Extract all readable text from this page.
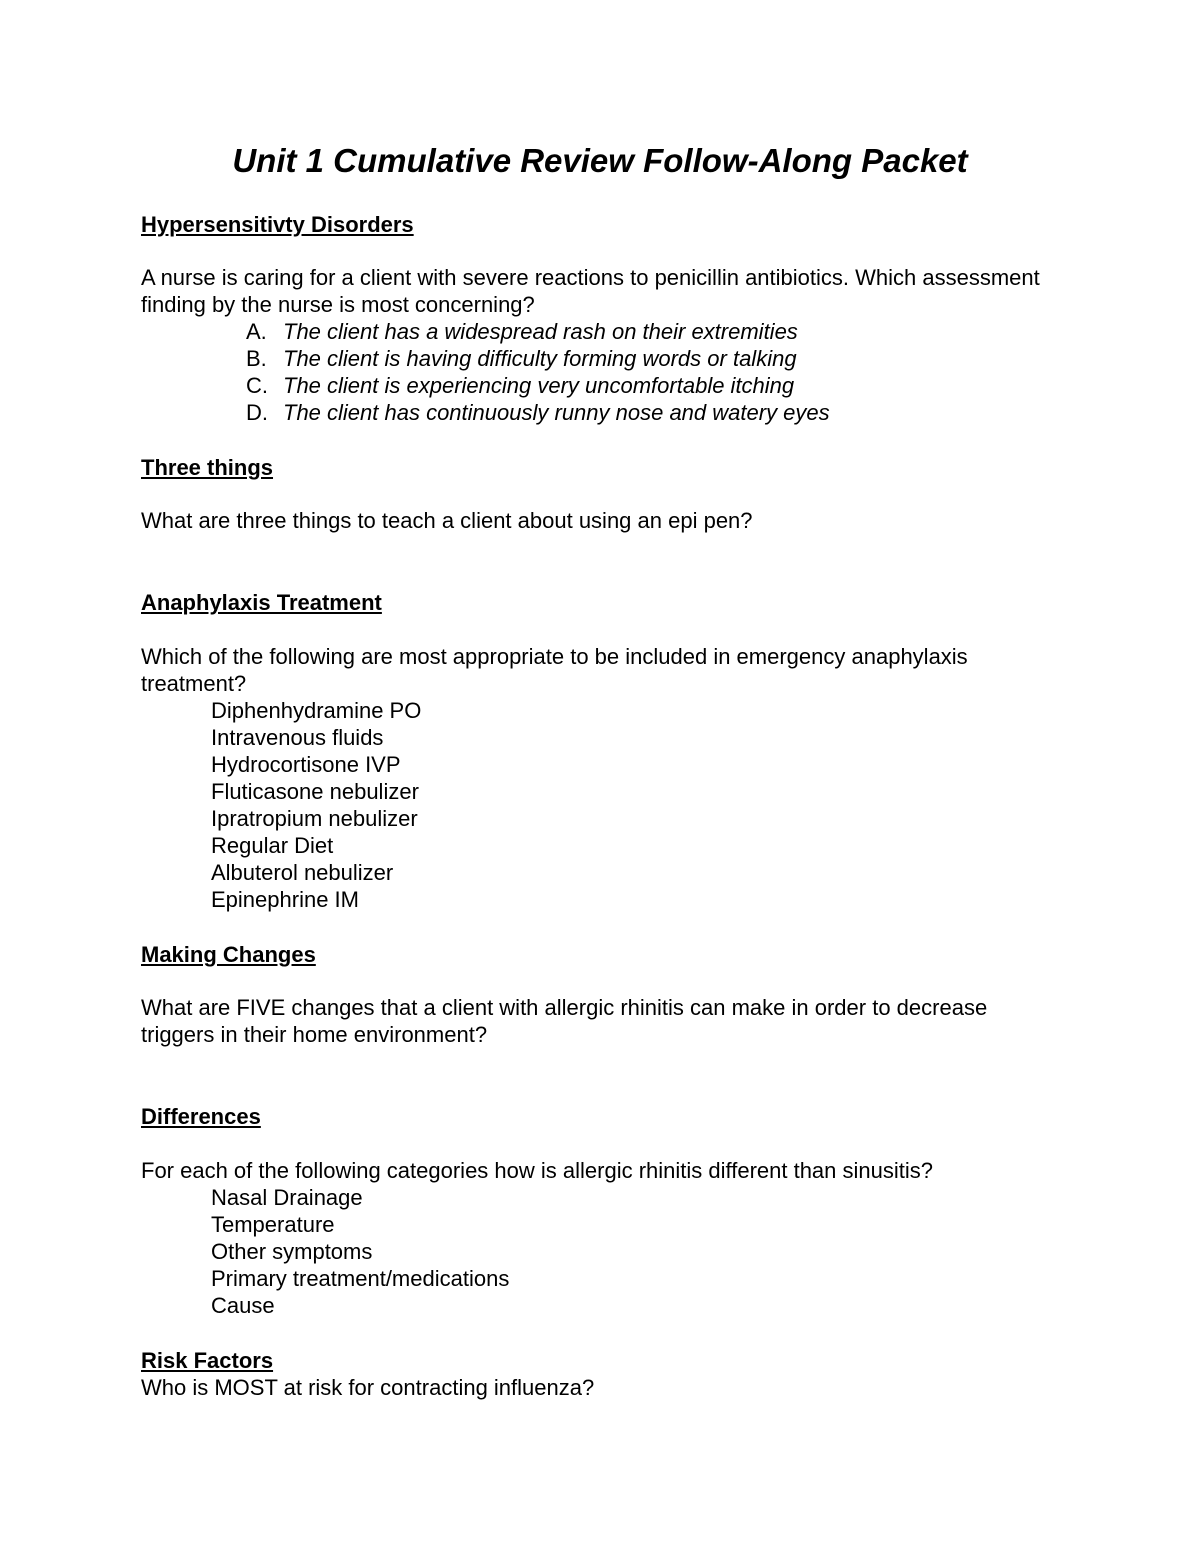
Unit 1 Cumulative Review Follow-Along Packet
Hypersensitivty Disorders
A nurse is caring for a client with severe reactions to penicillin antibiotics. Which assessment finding by the nurse is most concerning?
A. The client has a widespread rash on their extremities
B. The client is having difficulty forming words or talking
C. The client is experiencing very uncomfortable itching
D. The client has continuously runny nose and watery eyes
Three things
What are three things to teach a client about using an epi pen?
Anaphylaxis Treatment
Which of the following are most appropriate to be included in emergency anaphylaxis treatment?
Diphenhydramine PO
Intravenous fluids
Hydrocortisone IVP
Fluticasone nebulizer
Ipratropium nebulizer
Regular Diet
Albuterol nebulizer
Epinephrine IM
Making Changes
What are FIVE changes that a client with allergic rhinitis can make in order to decrease triggers in their home environment?
Differences
For each of the following categories how is allergic rhinitis different than sinusitis?
Nasal Drainage
Temperature
Other symptoms
Primary treatment/medications
Cause
Risk Factors
Who is MOST at risk for contracting influenza?
